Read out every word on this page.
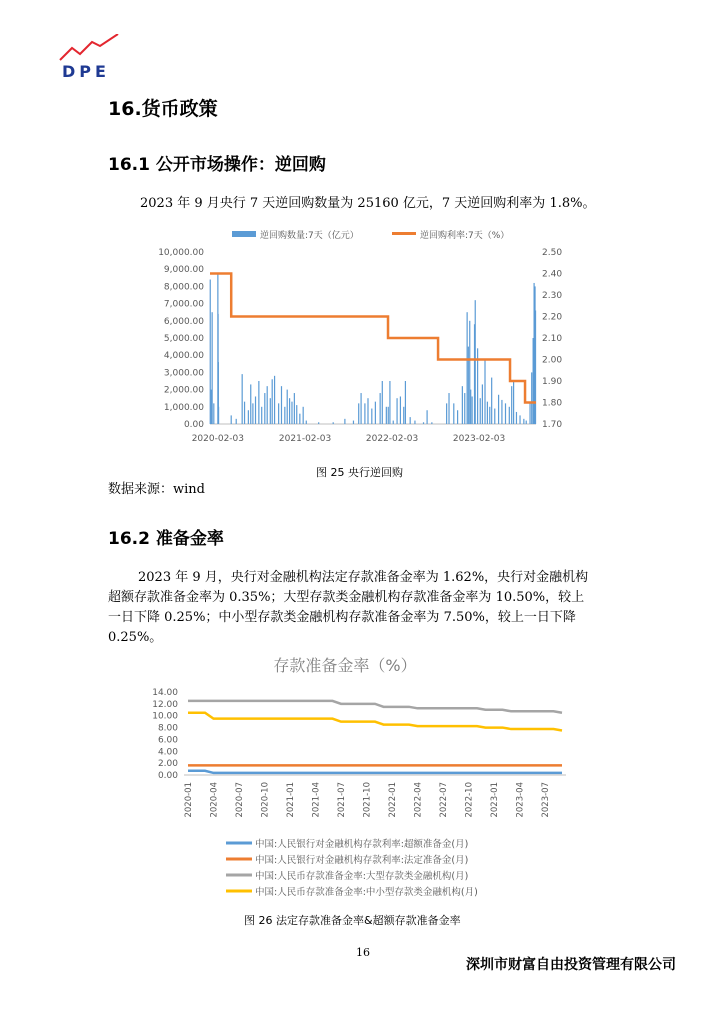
DPE
16.货币政策
16.1 公开市场操作：逆回购
2023 年 9 月央行 7 天逆回购数量为 25160 亿元，7 天逆回购利率为 1.8%。
逆回购数量:7天（亿元）	逆回购利率:7天（%）
0.00
1,000.00
2,000.00
3,000.00
4,000.00
5,000.00
6,000.00
7,000.00
8,000.00
9,000.00
10,000.00
1.70
1.80
1.90
2.00
2.10
2.20
2.30
2.40
2.50
2020-02-03	2021-02-03	2022-02-03	2023-02-03
图 25 央行逆回购
数据来源：wind
16.2 准备金率
2023 年 9 月，央行对金融机构法定存款准备金率为 1.62%，央行对金融机构
超额存款准备金率为 0.35%；大型存款类金融机构存款准备金率为 10.50%，较上
一日下降 0.25%；中小型存款类金融机构存款准备金率为 7.50%，较上一日下降
0.25%。
存款准备金率（%）
0.00
2.00
4.00
6.00
8.00
10.00
12.00
14.00
2020-01 2020-04 2020-07 2020-10 2021-01 2021-04 2021-07 2021-10 2022-01 2022-04 2022-07 2022-10 2023-01 2023-04 2023-07
中国:人民银行对金融机构存款利率:超额准备金(月)
中国:人民银行对金融机构存款利率:法定准备金(月)
中国:人民币存款准备金率:大型存款类金融机构(月)
中国:人民币存款准备金率:中小型存款类金融机构(月)
图 26 法定存款准备金率&超额存款准备金率
16
深圳市财富自由投资管理有限公司
